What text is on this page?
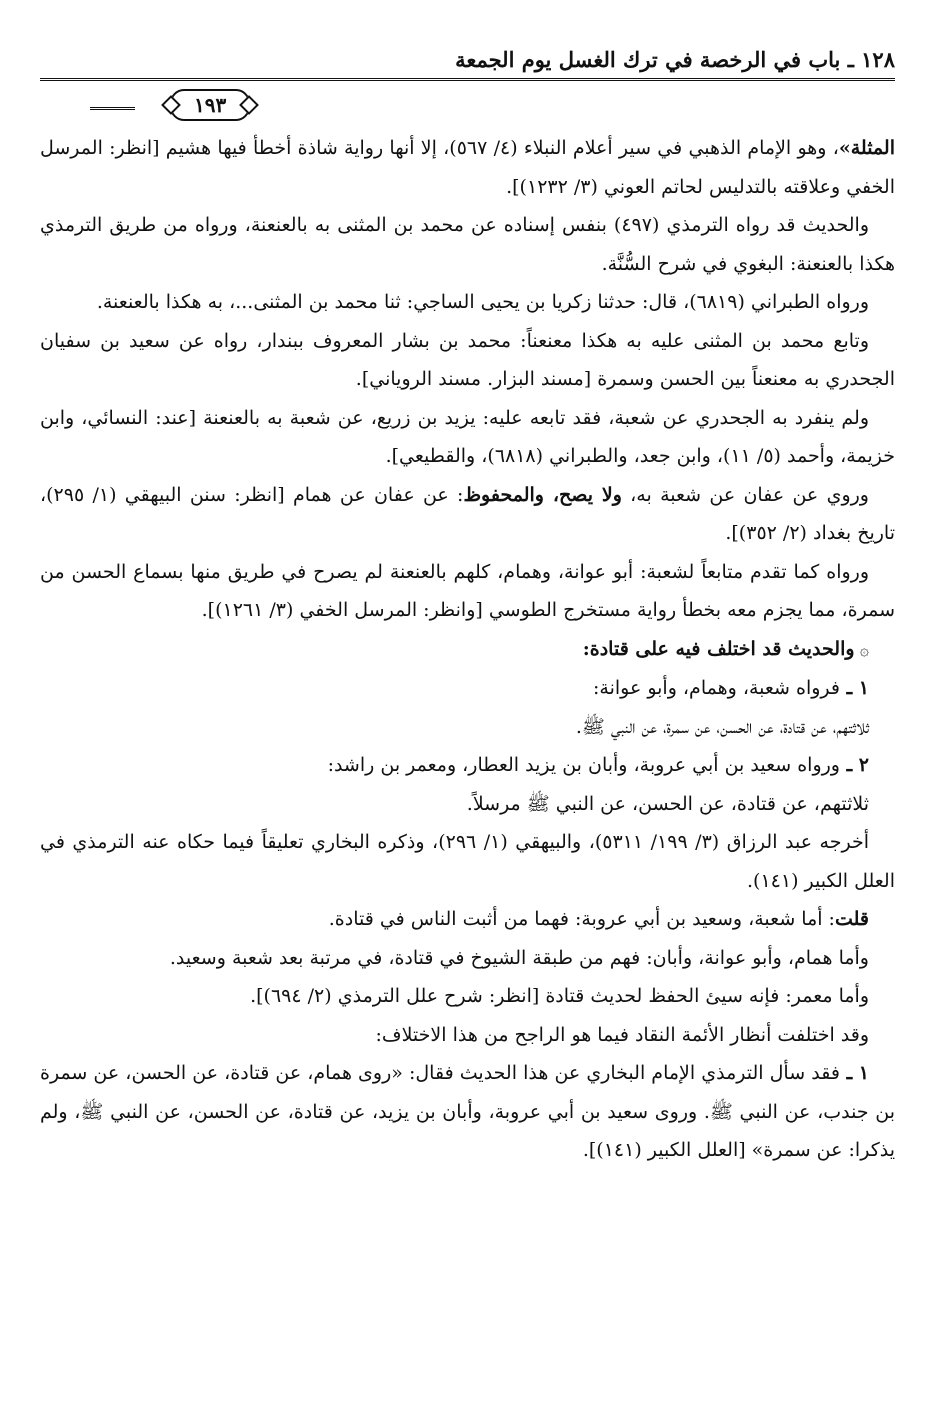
١٢٨ ـ باب في الرخصة في ترك الغسل يوم الجمعة
١٩٣

المثلة»، وهو الإمام الذهبي في سير أعلام النبلاء (٤/ ٥٦٧)، إلا أنها رواية شاذة أخطأ فيها هشيم [انظر: المرسل الخفي وعلاقته بالتدليس لحاتم العوني (٣/ ١٢٣٢)].

والحديث قد رواه الترمذي (٤٩٧) بنفس إسناده عن محمد بن المثنى به بالعنعنة، ورواه من طريق الترمذي هكذا بالعنعنة: البغوي في شرح السُّنَّة.

ورواه الطبراني (٦٨١٩)، قال: حدثنا زكريا بن يحيى الساجي: ثنا محمد بن المثنى...، به هكذا بالعنعنة.

وتابع محمد بن المثنى عليه به هكذا معنعناً: محمد بن بشار المعروف ببندار، رواه عن سعيد بن سفيان الجحدري به معنعناً بين الحسن وسمرة [مسند البزار. مسند الروياني].

ولم ينفرد به الجحدري عن شعبة، فقد تابعه عليه: يزيد بن زريع، عن شعبة به بالعنعنة [عند: النسائي، وابن خزيمة، وأحمد (٥/ ١١)، وابن جعد، والطبراني (٦٨١٨)، والقطيعي].

وروي عن عفان عن شعبة به، ولا يصح، والمحفوظ: عن عفان عن همام [انظر: سنن البيهقي (١/ ٢٩٥)، تاريخ بغداد (٢/ ٣٥٢)].

ورواه كما تقدم متابعاً لشعبة: أبو عوانة، وهمام، كلهم بالعنعنة لم يصرح في طريق منها بسماع الحسن من سمرة، مما يجزم معه بخطأ رواية مستخرج الطوسي [وانظر: المرسل الخفي (٣/ ١٢٦١)].

۞ والحديث قد اختلف فيه على قتادة:

١ ـ فرواه شعبة، وهمام، وأبو عوانة:

ثلاثتهم، عن قتادة، عن الحسن، عن سمرة، عن النبي ﷺ.

٢ ـ ورواه سعيد بن أبي عروبة، وأبان بن يزيد العطار، ومعمر بن راشد:

ثلاثتهم، عن قتادة، عن الحسن، عن النبي ﷺ مرسلاً.

أخرجه عبد الرزاق (٣/ ١٩٩/ ٥٣١١)، والبيهقي (١/ ٢٩٦)، وذكره البخاري تعليقاً فيما حكاه عنه الترمذي في العلل الكبير (١٤١).

قلت: أما شعبة، وسعيد بن أبي عروبة: فهما من أثبت الناس في قتادة.

وأما همام، وأبو عوانة، وأبان: فهم من طبقة الشيوخ في قتادة، في مرتبة بعد شعبة وسعيد.

وأما معمر: فإنه سيئ الحفظ لحديث قتادة [انظر: شرح علل الترمذي (٢/ ٦٩٤)].

وقد اختلفت أنظار الأئمة النقاد فيما هو الراجح من هذا الاختلاف:

١ ـ فقد سأل الترمذي الإمام البخاري عن هذا الحديث فقال: «روى همام، عن قتادة، عن الحسن، عن سمرة بن جندب، عن النبي ﷺ. وروى سعيد بن أبي عروبة، وأبان بن يزيد، عن قتادة، عن الحسن، عن النبي ﷺ، ولم يذكرا: عن سمرة» [العلل الكبير (١٤١)].
